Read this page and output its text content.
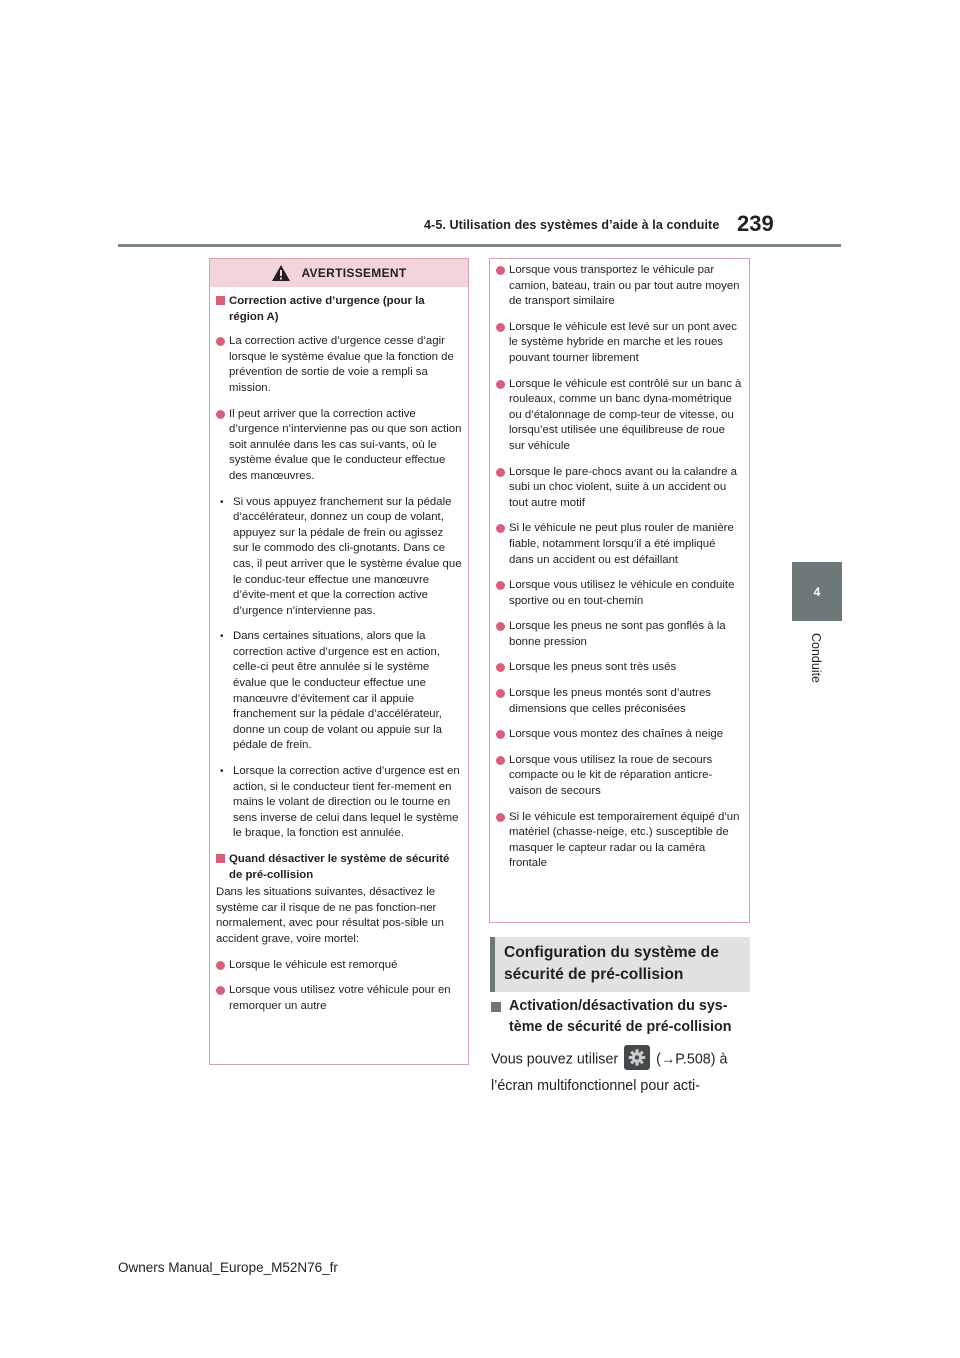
4-5. Utilisation des systèmes d’aide à la conduite 239
4
Conduite
AVERTISSEMENT
Correction active d’urgence (pour la région A)
La correction active d’urgence cesse d’agir lorsque le système évalue que la fonction de prévention de sortie de voie a rempli sa mission.
Il peut arriver que la correction active d’urgence n’intervienne pas ou que son action soit annulée dans les cas sui-vants, où le système évalue que le conducteur effectue des manœuvres.
• Si vous appuyez franchement sur la pédale d’accélérateur, donnez un coup de volant, appuyez sur la pédale de frein ou agissez sur le commodo des cli-gnotants. Dans ce cas, il peut arriver que le système évalue que le conduc-teur effectue une manœuvre d’évite-ment et que la correction active d’urgence n’intervienne pas.
• Dans certaines situations, alors que la correction active d’urgence est en action, celle-ci peut être annulée si le système évalue que le conducteur effectue une manœuvre d’évitement car il appuie franchement sur la pédale d’accélérateur, donne un coup de volant ou appuie sur la pédale de frein.
• Lorsque la correction active d’urgence est en action, si le conducteur tient fer-mement en mains le volant de direction ou le tourne en sens inverse de celui dans lequel le système le braque, la fonction est annulée.
Quand désactiver le système de sécurité de pré-collision
Dans les situations suivantes, désactivez le système car il risque de ne pas fonction-ner normalement, avec pour résultat pos-sible un accident grave, voire mortel:
Lorsque le véhicule est remorqué
Lorsque vous utilisez votre véhicule pour en remorquer un autre
Lorsque vous transportez le véhicule par camion, bateau, train ou par tout autre moyen de transport similaire
Lorsque le véhicule est levé sur un pont avec le système hybride en marche et les roues pouvant tourner librement
Lorsque le véhicule est contrôlé sur un banc à rouleaux, comme un banc dyna-mométrique ou d’étalonnage de comp-teur de vitesse, ou lorsqu’est utilisée une équilibreuse de roue sur véhicule
Lorsque le pare-chocs avant ou la calandre a subi un choc violent, suite à un accident ou tout autre motif
Si le véhicule ne peut plus rouler de manière fiable, notamment lorsqu’il a été impliqué dans un accident ou est défaillant
Lorsque vous utilisez le véhicule en conduite sportive ou en tout-chemin
Lorsque les pneus ne sont pas gonflés à la bonne pression
Lorsque les pneus sont très usés
Lorsque les pneus montés sont d’autres dimensions que celles préconisées
Lorsque vous montez des chaînes à neige
Lorsque vous utilisez la roue de secours compacte ou le kit de réparation anticre-vaison de secours
Si le véhicule est temporairement équipé d’un matériel (chasse-neige, etc.) susceptible de masquer le capteur radar ou la caméra frontale
Configuration du système de sécurité de pré-collision
Activation/désactivation du sys-tème de sécurité de pré-collision
Vous pouvez utiliser	(→P.508) à
l’écran multifonctionnel pour acti-
Owners Manual_Europe_M52N76_fr
